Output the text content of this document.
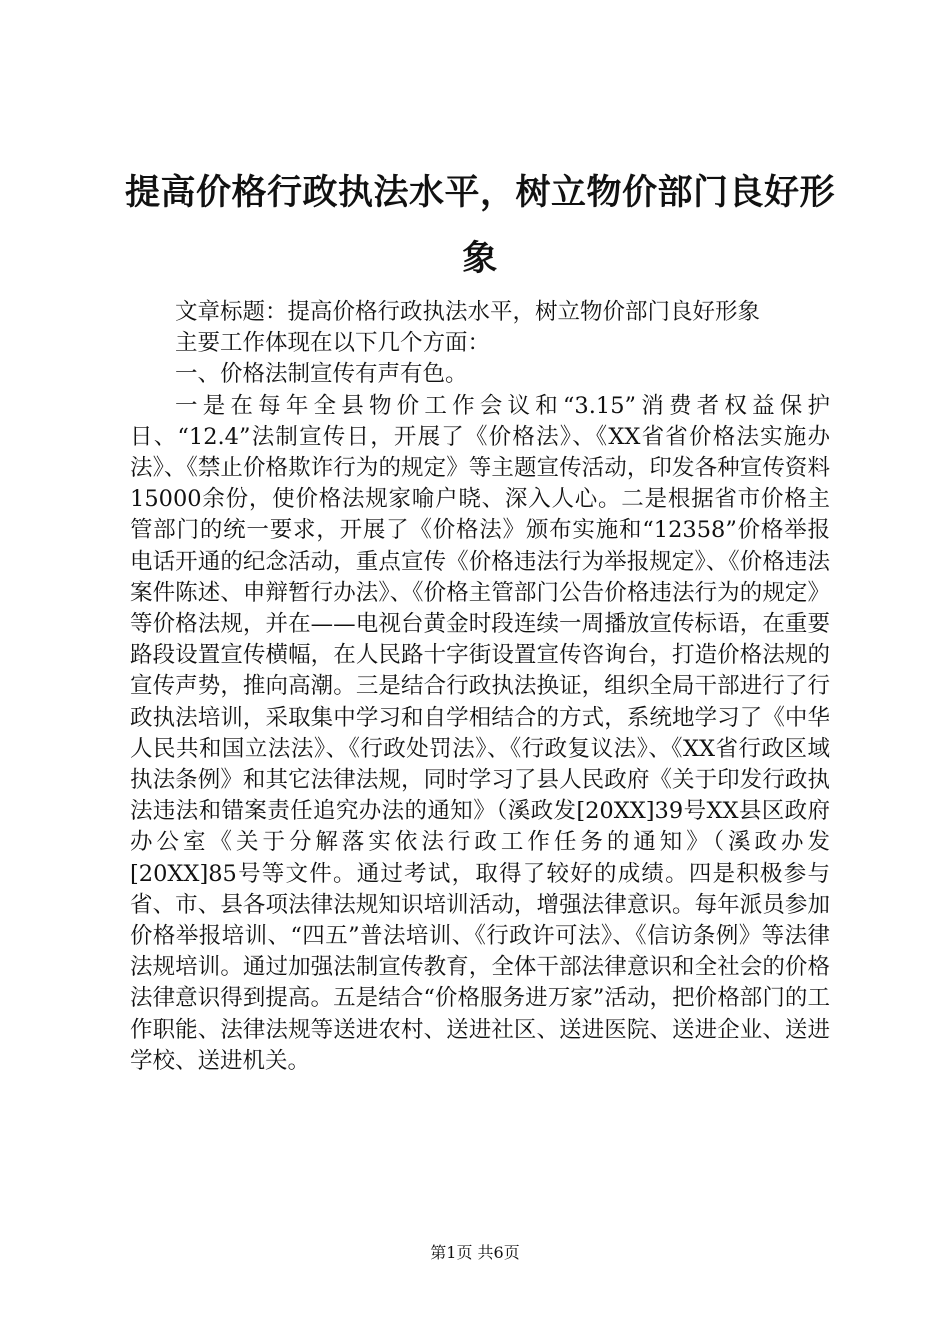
提高价格行政执法水平，树立物价部门良好形象

文章标题：提高价格行政执法水平，树立物价部门良好形象

主要工作体现在以下几个方面：

一、价格法制宣传有声有色。

一是在每年全县物价工作会议和“3.15”消费者权益保护日、“12.4”法制宣传日，开展了《价格法》、《XX省省价格法实施办法》、《禁止价格欺诈行为的规定》等主题宣传活动，印发各种宣传资料15000余份，使价格法规家喻户晓、深入人心。二是根据省市价格主管部门的统一要求，开展了《价格法》颁布实施和“12358”价格举报电话开通的纪念活动，重点宣传《价格违法行为举报规定》、《价格违法案件陈述、申辩暂行办法》、《价格主管部门公告价格违法行为的规定》等价格法规，并在——电视台黄金时段连续一周播放宣传标语，在重要路段设置宣传横幅，在人民路十字街设置宣传咨询台，打造价格法规的宣传声势，推向高潮。三是结合行政执法换证，组织全局干部进行了行政执法培训，采取集中学习和自学相结合的方式，系统地学习了《中华人民共和国立法法》、《行政处罚法》、《行政复议法》、《XX省行政区域执法条例》和其它法律法规，同时学习了县人民政府《关于印发行政执法违法和错案责任追究办法的通知》（溪政发[20XX]39号XX县区政府办公室《关于分解落实依法行政工作任务的通知》（溪政办发[20XX]85号等文件。通过考试，取得了较好的成绩。四是积极参与省、市、县各项法律法规知识培训活动，增强法律意识。每年派员参加价格举报培训、“四五”普法培训、《行政许可法》、《信访条例》等法律法规培训。通过加强法制宣传教育，全体干部法律意识和全社会的价格法律意识得到提高。五是结合“价格服务进万家”活动，把价格部门的工作职能、法律法规等送进农村、送进社区、送进医院、送进企业、送进学校、送进机关。

第1页 共6页
